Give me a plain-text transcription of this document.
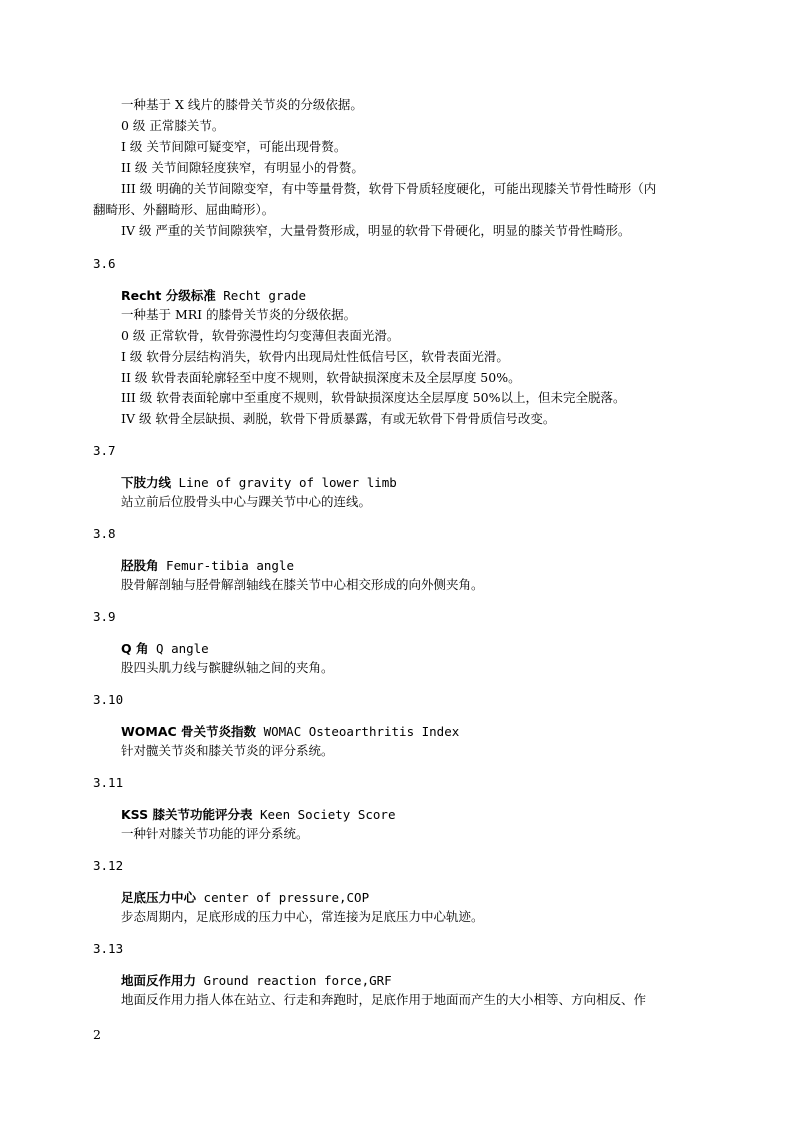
一种基于 X 线片的膝骨关节炎的分级依据。
0 级 正常膝关节。
I 级 关节间隙可疑变窄，可能出现骨赘。
II 级 关节间隙轻度狭窄，有明显小的骨赘。
III 级 明确的关节间隙变窄，有中等量骨赘，软骨下骨质轻度硬化，可能出现膝关节骨性畸形（内
翻畸形、外翻畸形、屈曲畸形）。
IV 级 严重的关节间隙狭窄，大量骨赘形成，明显的软骨下骨硬化，明显的膝关节骨性畸形。
3.6
Recht 分级标准 Recht grade
一种基于 MRI 的膝骨关节炎的分级依据。
0 级 正常软骨，软骨弥漫性均匀变薄但表面光滑。
I 级 软骨分层结构消失，软骨内出现局灶性低信号区，软骨表面光滑。
II 级 软骨表面轮廓轻至中度不规则，软骨缺损深度未及全层厚度 50%。
III 级 软骨表面轮廓中至重度不规则，软骨缺损深度达全层厚度 50%以上，但未完全脱落。
IV 级 软骨全层缺损、剥脱，软骨下骨质暴露，有或无软骨下骨骨质信号改变。
3.7
下肢力线 Line of gravity of lower limb
站立前后位股骨头中心与踝关节中心的连线。
3.8
胫股角 Femur-tibia angle
股骨解剖轴与胫骨解剖轴线在膝关节中心相交形成的向外侧夹角。
3.9
Q 角 Q angle
股四头肌力线与髌腱纵轴之间的夹角。
3.10
WOMAC 骨关节炎指数 WOMAC Osteoarthritis Index
针对髋关节炎和膝关节炎的评分系统。
3.11
KSS 膝关节功能评分表 Keen Society Score
一种针对膝关节功能的评分系统。
3.12
足底压力中心 center of pressure,COP
步态周期内，足底形成的压力中心，常连接为足底压力中心轨迹。
3.13
地面反作用力 Ground reaction force,GRF
地面反作用力指人体在站立、行走和奔跑时，足底作用于地面而产生的大小相等、方向相反、作
2
